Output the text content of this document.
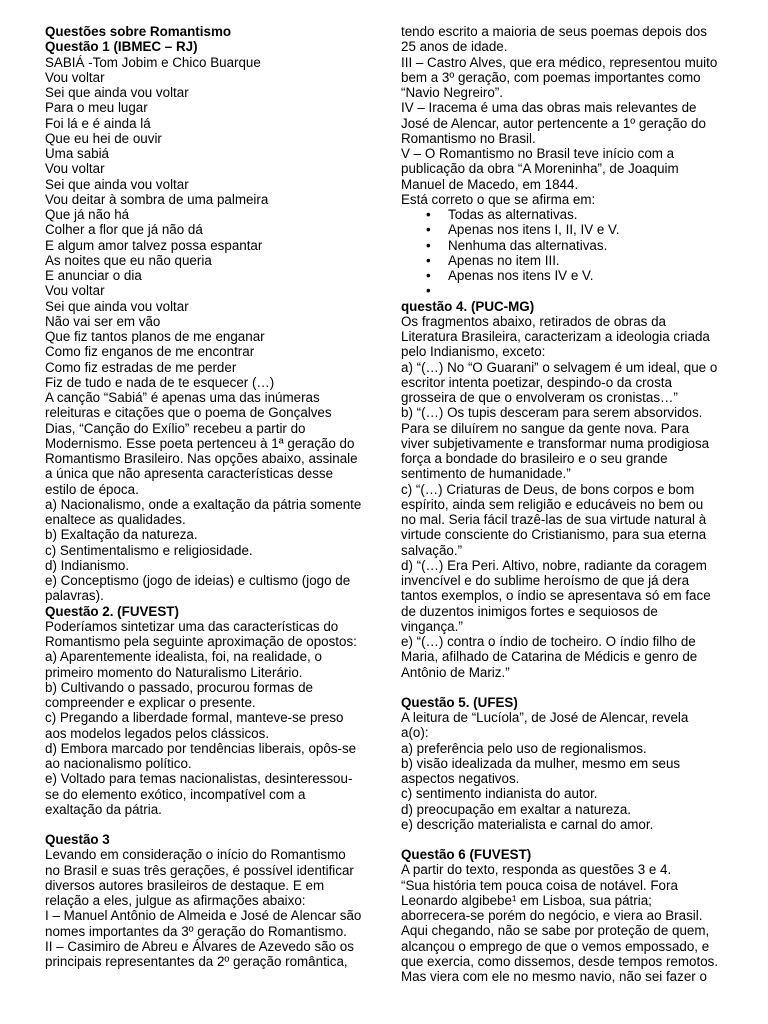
Questões sobre Romantismo
Questão 1 (IBMEC – RJ)
SABIÁ -Tom Jobim e Chico Buarque
Vou voltar
Sei que ainda vou voltar
Para o meu lugar
Foi lá e é ainda lá
Que eu hei de ouvir
Uma sabiá
Vou voltar
Sei que ainda vou voltar
Vou deitar à sombra de uma palmeira
Que já não há
Colher a flor que já não dá
E algum amor talvez possa espantar
As noites que eu não queria
E anunciar o dia
Vou voltar
Sei que ainda vou voltar
Não vai ser em vão
Que fiz tantos planos de me enganar
Como fiz enganos de me encontrar
Como fiz estradas de me perder
Fiz de tudo e nada de te esquecer (…)
A canção “Sabiá” é apenas uma das inúmeras
releituras e citações que o poema de Gonçalves
Dias, “Canção do Exílio” recebeu a partir do
Modernismo. Esse poeta pertenceu à 1ª geração do
Romantismo Brasileiro. Nas opções abaixo, assinale
a única que não apresenta características desse
estilo de época.
a) Nacionalismo, onde a exaltação da pátria somente
enaltece as qualidades.
b) Exaltação da natureza.
c) Sentimentalismo e religiosidade.
d) Indianismo.
e) Conceptismo (jogo de ideias) e cultismo (jogo de
palavras).
Questão 2. (FUVEST)
Poderíamos sintetizar uma das características do
Romantismo pela seguinte aproximação de opostos:
a) Aparentemente idealista, foi, na realidade, o
primeiro momento do Naturalismo Literário.
b) Cultivando o passado, procurou formas de
compreender e explicar o presente.
c) Pregando a liberdade formal, manteve-se preso
aos modelos legados pelos clássicos.
d) Embora marcado por tendências liberais, opôs-se
ao nacionalismo político.
e) Voltado para temas nacionalistas, desinteressou-
se do elemento exótico, incompatível com a
exaltação da pátria.
Questão 3
Levando em consideração o início do Romantismo
no Brasil e suas três gerações, é possível identificar
diversos autores brasileiros de destaque. E em
relação a eles, julgue as afirmações abaixo:
I – Manuel Antônio de Almeida e José de Alencar são
nomes importantes da 3º geração do Romantismo.
II – Casimiro de Abreu e Álvares de Azevedo são os
principais representantes da 2º geração romântica,
tendo escrito a maioria de seus poemas depois dos
25 anos de idade.
III – Castro Alves, que era médico, representou muito
bem a 3º geração, com poemas importantes como
“Navio Negreiro”.
IV – Iracema é uma das obras mais relevantes de
José de Alencar, autor pertencente a 1º geração do
Romantismo no Brasil.
V – O Romantismo no Brasil teve início com a
publicação da obra “A Moreninha”, de Joaquim
Manuel de Macedo, em 1844.
Está correto o que se afirma em:
• Todas as alternativas.
• Apenas nos itens I, II, IV e V.
• Nenhuma das alternativas.
• Apenas no item III.
• Apenas nos itens IV e V.
•
questão 4. (PUC-MG)
Os fragmentos abaixo, retirados de obras da
Literatura Brasileira, caracterizam a ideologia criada
pelo Indianismo, exceto:
a) “(…) No “O Guarani” o selvagem é um ideal, que o
escritor intenta poetizar, despindo-o da crosta
grosseira de que o envolveram os cronistas…”
b) “(…) Os tupis desceram para serem absorvidos.
Para se diluírem no sangue da gente nova. Para
viver subjetivamente e transformar numa prodigiosa
força a bondade do brasileiro e o seu grande
sentimento de humanidade.”
c) “(…) Criaturas de Deus, de bons corpos e bom
espírito, ainda sem religião e educáveis no bem ou
no mal. Seria fácil trazê-las de sua virtude natural à
virtude consciente do Cristianismo, para sua eterna
salvação.”
d) “(…) Era Peri. Altivo, nobre, radiante da coragem
invencível e do sublime heroísmo de que já dera
tantos exemplos, o índio se apresentava só em face
de duzentos inimigos fortes e sequiosos de
vingança.”
e) “(…) contra o índio de tocheiro. O índio filho de
Maria, afilhado de Catarina de Médicis e genro de
Antônio de Mariz.”
Questão 5. (UFES)
A leitura de “Lucíola”, de José de Alencar, revela
a(o):
a) preferência pelo uso de regionalismos.
b) visão idealizada da mulher, mesmo em seus
aspectos negativos.
c) sentimento indianista do autor.
d) preocupação em exaltar a natureza.
e) descrição materialista e carnal do amor.
Questão 6 (FUVEST)
A partir do texto, responda as questões 3 e 4.
“Sua história tem pouca coisa de notável. Fora
Leonardo algibebe¹ em Lisboa, sua pátria;
aborrecera-se porém do negócio, e viera ao Brasil.
Aqui chegando, não se sabe por proteção de quem,
alcançou o emprego de que o vemos empossado, e
que exercia, como dissemos, desde tempos remotos.
Mas viera com ele no mesmo navio, não sei fazer o
